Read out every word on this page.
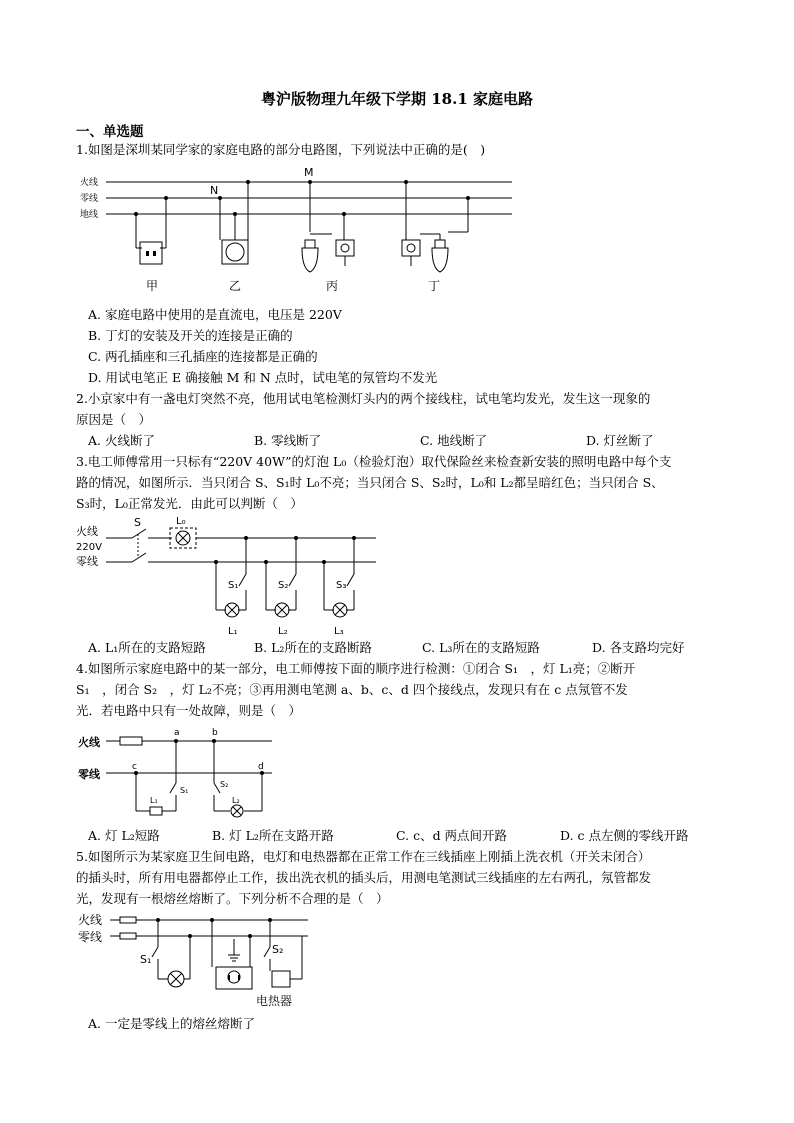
粤沪版物理九年级下学期 18.1 家庭电路
一、单选题
1.如图是深圳某同学家的家庭电路的部分电路图，下列说法中正确的是(　)
火线
零线
地线
M
N
甲	乙	丙	丁
A. 家庭电路中使用的是直流电，电压是 220V
B. 丁灯的安装及开关的连接是正确的
C. 两孔插座和三孔插座的连接都是正确的
D. 用试电笔正 E 确接触 M 和 N 点时，试电笔的氖管均不发光
2.小京家中有一盏电灯突然不亮，他用试电笔检测灯头内的两个接线柱，试电笔均发光，发生这一现象的
原因是（　）
A. 火线断了	B. 零线断了	C. 地线断了	D. 灯丝断了
3.电工师傅常用一只标有“220V 40W”的灯泡 L₀（检验灯泡）取代保险丝来检查新安装的照明电路中每个支
路的情况，如图所示．当只闭合 S、S₁时 L₀不亮；当只闭合 S、S₂时，L₀和 L₂都呈暗红色；当只闭合 S、
S₃时，L₀正常发光．由此可以判断（　）
火线
220V
零线
S	L₀
S₁	S₂	S₃
L₁	L₂	L₃
A. L₁所在的支路短路	B. L₂所在的支路断路	C. L₃所在的支路短路	D. 各支路均完好
4.如图所示家庭电路中的某一部分，电工师傅按下面的顺序进行检测：①闭合 S₁　，灯 L₁亮；②断开
S₁　，闭合 S₂　，灯 L₂不亮；③再用测电笔测 a、b、c、d 四个接线点，发现只有在 c 点氖管不发
光．若电路中只有一处故障，则是（　）
火线
零线
a	b
c	d
S₁
S₂
L₁	L₂
A. 灯 L₂短路	B. 灯 L₂所在支路开路	C. c、d 两点间开路	D. c 点左侧的零线开路
5.如图所示为某家庭卫生间电路，电灯和电热器都在正常工作在三线插座上刚插上洗衣机（开关未闭合）
的插头时，所有用电器都停止工作，拔出洗衣机的插头后，用测电笔测试三线插座的左右两孔，氖管都发
光，发现有一根熔丝熔断了。下列分析不合理的是（　）
火线
零线
S₁
S₂
电热器
A. 一定是零线上的熔丝熔断了
